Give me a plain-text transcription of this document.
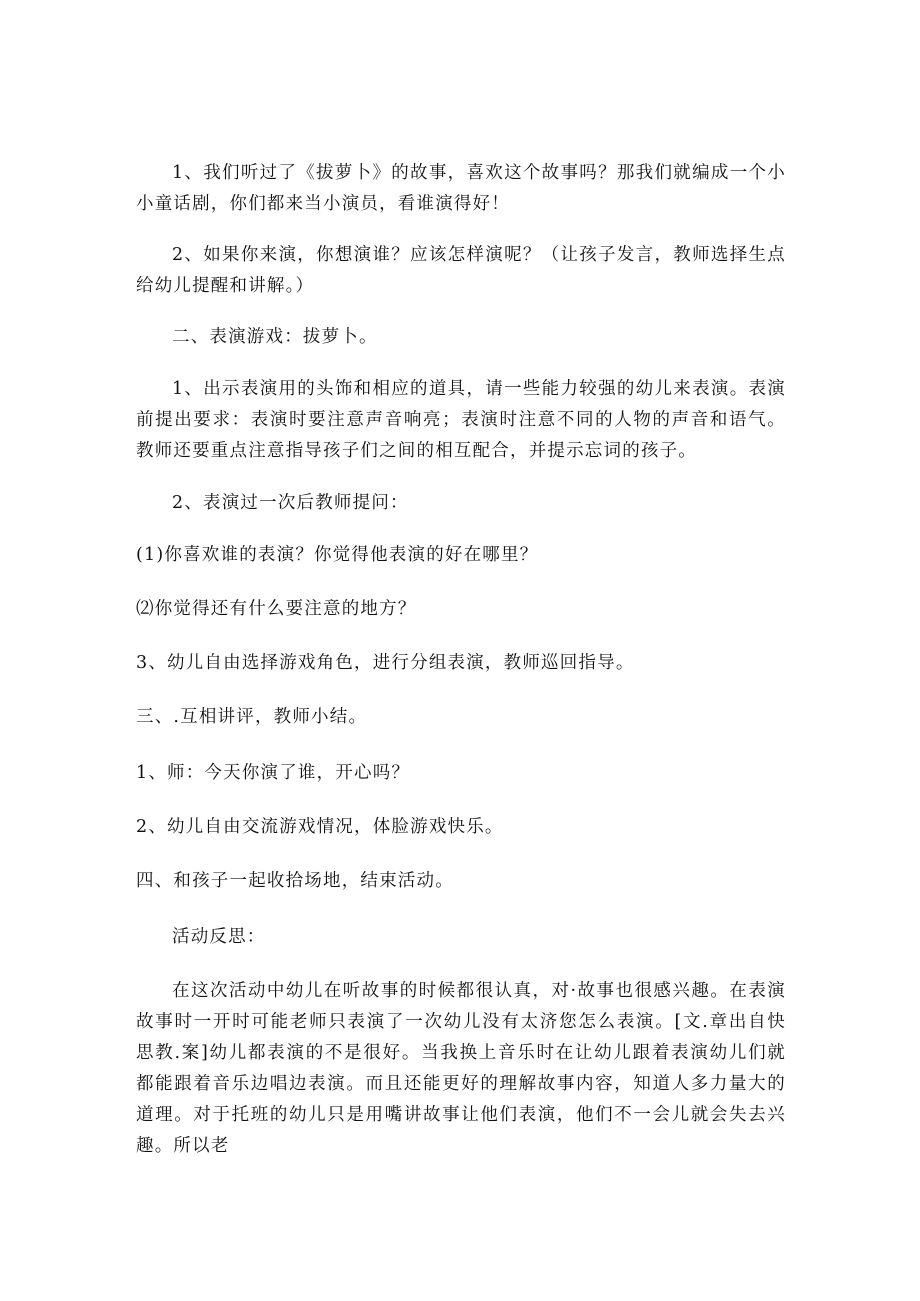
1、我们听过了《拔萝卜》的故事，喜欢这个故事吗？那我们就编成一个小小童话剧，你们都来当小演员，看谁演得好！

2、如果你来演，你想演谁？应该怎样演呢？（让孩子发言，教师选择生点给幼儿提醒和讲解。）

二、表演游戏：拔萝卜。

1、出示表演用的头饰和相应的道具，请一些能力较强的幼儿来表演。表演前提出要求：表演时要注意声音响亮；表演时注意不同的人物的声音和语气。教师还要重点注意指导孩子们之间的相互配合，并提示忘词的孩子。

2、表演过一次后教师提问：

(1)你喜欢谁的表演？你觉得他表演的好在哪里？

⑵你觉得还有什么要注意的地方？

3、幼儿自由选择游戏角色，进行分组表演，教师巡回指导。

三、.互相讲评，教师小结。

1、师：今天你演了谁，开心吗？

2、幼儿自由交流游戏情况，体脸游戏快乐。

四、和孩子一起收拾场地，结束活动。

活动反思：

在这次活动中幼儿在听故事的时候都很认真，对·故事也很感兴趣。在表演故事时一开时可能老师只表演了一次幼儿没有太济您怎么表演。[文.章出自快思教.案]幼儿都表演的不是很好。当我换上音乐时在让幼儿跟着表演幼儿们就都能跟着音乐边唱边表演。而且还能更好的理解故事内容，知道人多力量大的道理。对于托班的幼儿只是用嘴讲故事让他们表演，他们不一会儿就会失去兴趣。所以老
